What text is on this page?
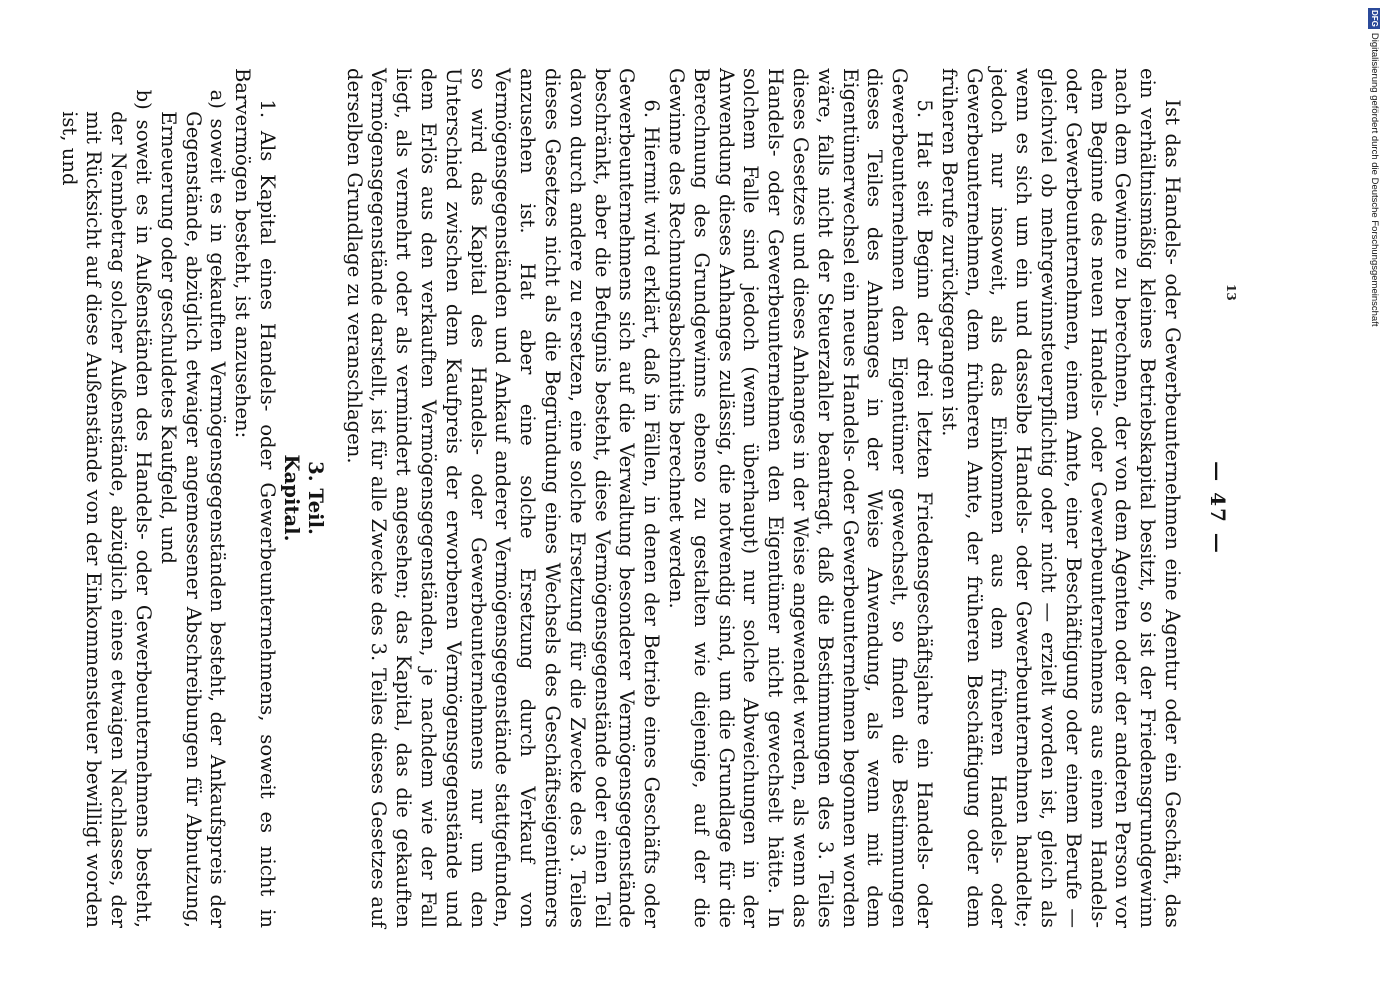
— 47 —

Ist das Handels- oder Gewerbeunternehmen eine Agentur oder ein Geschäft, das ein verhältnismäßig kleines Betriebskapital besitzt, so ist der Friedensgrundgewinn nach dem Gewinne zu berechnen, der von dem Agenten oder der anderen Person vor dem Beginne des neuen Handels- oder Gewerbeunternehmens aus einem Handels- oder Gewerbeunternehmen, einem Amte, einer Beschäftigung oder einem Berufe — gleichviel ob mehrgewinnsteuerpflichtig oder nicht — erzielt worden ist, gleich als wenn es sich um ein und dasselbe Handels- oder Gewerbeunternehmen handelte; jedoch nur insoweit, als das Einkommen aus dem früheren Handels- oder Gewerbeunternehmen, dem früheren Amte, der früheren Beschäftigung oder dem früheren Berufe zurückgegangen ist.

5. Hat seit Beginn der drei letzten Friedensgeschäftsjahre ein Handels- oder Gewerbeunternehmen den Eigentümer gewechselt, so finden die Bestimmungen dieses Teiles des Anhanges in der Weise Anwendung, als wenn mit dem Eigentümerwechsel ein neues Handels- oder Gewerbeunternehmen begonnen worden wäre, falls nicht der Steuerzahler beantragt, daß die Bestimmungen des 3. Teiles dieses Gesetzes und dieses Anhanges in der Weise angewendet werden, als wenn das Handels- oder Gewerbeunternehmen den Eigentümer nicht gewechselt hätte. In solchem Falle sind jedoch (wenn überhaupt) nur solche Abweichungen in der Anwendung dieses Anhanges zulässig, die notwendig sind, um die Grundlage für die Berechnung des Grundgewinns ebenso zu gestalten wie diejenige, auf der die Gewinne des Rechnungsabschnitts berechnet werden.

6. Hiermit wird erklärt, daß in Fällen, in denen der Betrieb eines Geschäfts oder Gewerbeunternehmens sich auf die Verwaltung besonderer Vermögensgegenstände beschränkt, aber die Befugnis besteht, diese Vermögensgegenstände oder einen Teil davon durch andere zu ersetzen, eine solche Ersetzung für die Zwecke des 3. Teiles dieses Gesetzes nicht als die Begründung eines Wechsels des Geschäftseigentümers anzusehen ist. Hat aber eine solche Ersetzung durch Verkauf von Vermögensgegenständen und Ankauf anderer Vermögensgegenstände stattgefunden, so wird das Kapital des Handels- oder Gewerbeunternehmens nur um den Unterschied zwischen dem Kaufpreis der erworbenen Vermögensgegenstände und dem Erlös aus den verkauften Vermögensgegenständen, je nachdem wie der Fall liegt, als vermehrt oder als vermindert angesehen; das Kapital, das die gekauften Vermögensgegenstände darstellt, ist für alle Zwecke des 3. Teiles dieses Gesetzes auf derselben Grundlage zu veranschlagen.

3. Teil.
Kapital.

1. Als Kapital eines Handels- oder Gewerbeunternehmens, soweit es nicht in Barvermögen besteht, ist anzusehen:

a) soweit es in gekauften Vermögensgegenständen besteht, der Ankaufspreis der Gegenstände, abzüglich etwaiger angemessener Abschreibungen für Abnutzung, Erneuerung oder geschuldetes Kaufgeld, und

b) soweit es in Außenständen des Handels- oder Gewerbeunternehmens besteht, der Nennbetrag solcher Außenstände, abzüglich eines etwaigen Nachlasses, der mit Rücksicht auf diese Außenstände von der Einkommensteuer bewilligt worden ist, und

13
DFG
Digitalisierung gefördert durch die Deutsche Forschungsgemeinschaft
